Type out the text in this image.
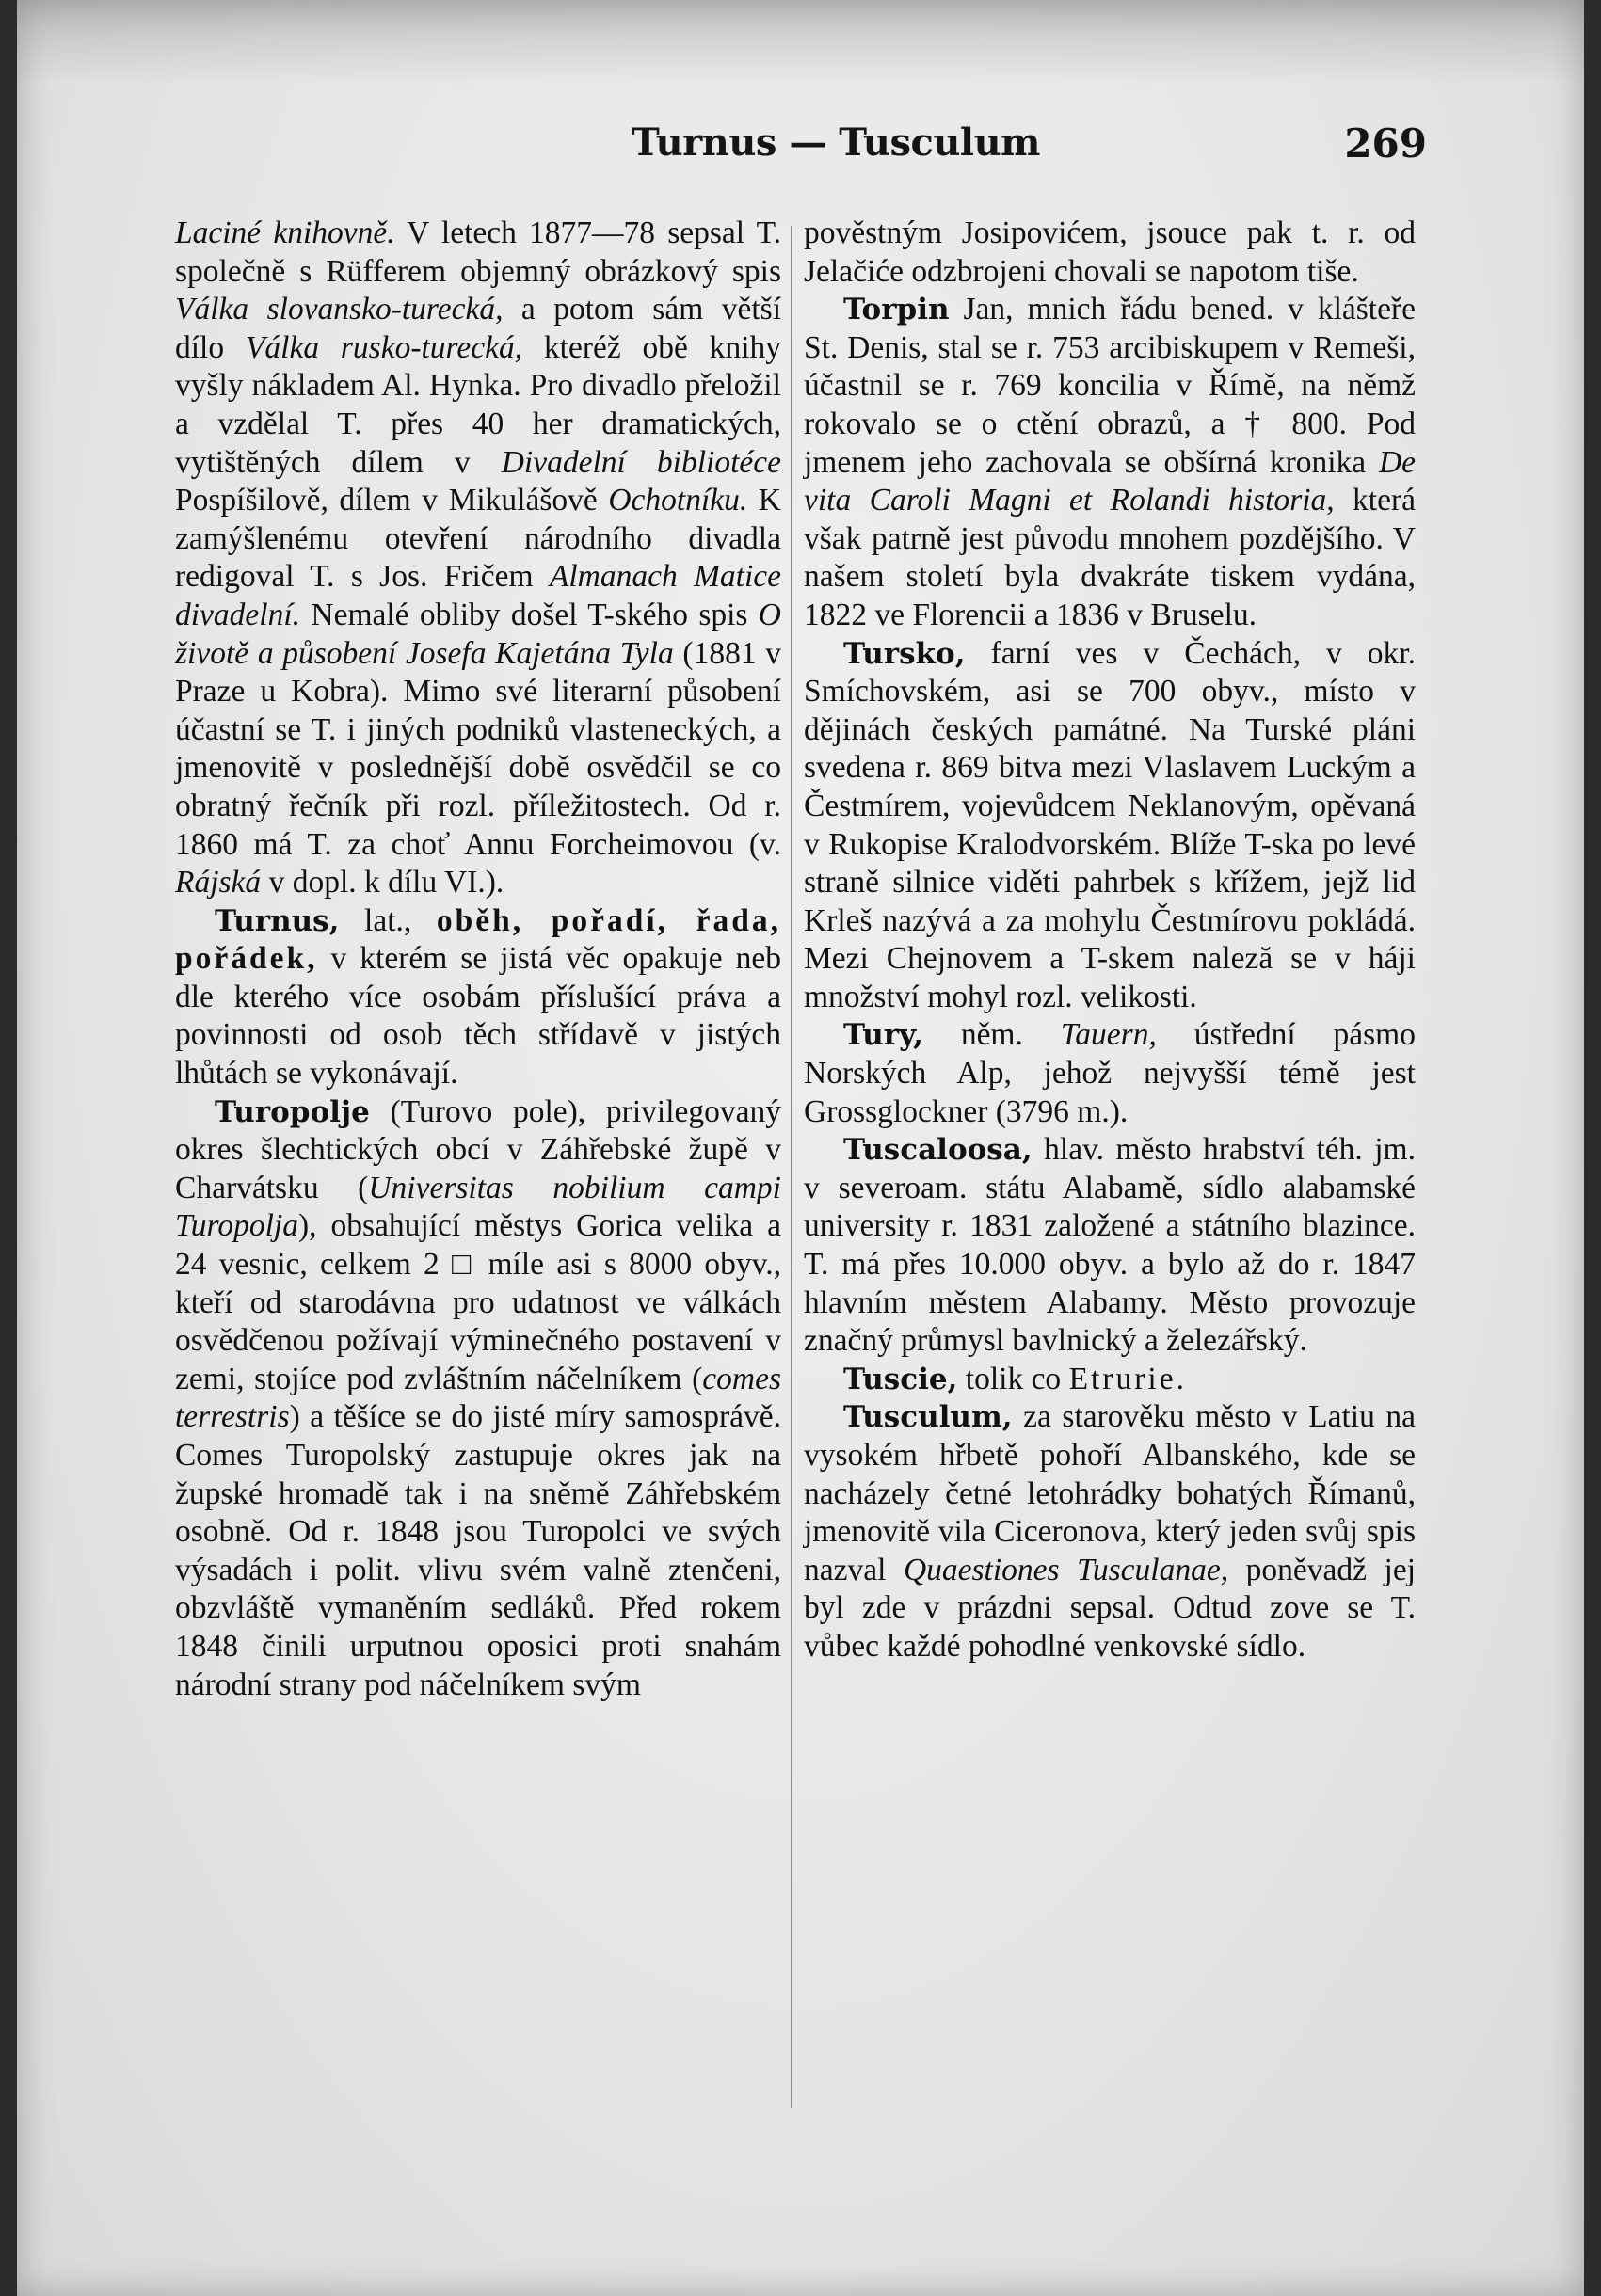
Turnus — Tusculum	269

Laciné knihovně. V letech 1877—78 sepsal T. společně s Rüfferem objemný obrázkový spis Válka slovansko-turecká, a potom sám větší dílo Válka rusko-turecká, kteréž obě knihy vyšly nákladem Al. Hynka. Pro divadlo přeložil a vzdělal T. přes 40 her dramatických, vytištěných dílem v Divadelní bibliotéce Pospíšilově, dílem v Mikulášově Ochotníku. K zamýšlenému otevření národního divadla redigoval T. s Jos. Fričem Almanach Matice divadelní. Nemalé obliby došel T-ského spis O životě a působení Josefa Kajetána Tyla (1881 v Praze u Kobra). Mimo své literarní působení účastní se T. i jiných podniků vlasteneckých, a jmenovitě v poslednější době osvědčil se co obratný řečník při rozl. příležitostech. Od r. 1860 má T. za choť Annu Forcheimovou (v. Rájská v dopl. k dílu VI.).

Turnus, lat., oběh, pořadí, řada, pořádek, v kterém se jistá věc opakuje neb dle kterého více osobám příslušící práva a povinnosti od osob těch střídavě v jistých lhůtách se vykonávají.

Turopolje (Turovo pole), privilegovaný okres šlechtických obcí v Záhřebské župě v Charvátsku (Universitas nobilium campi Turopolja), obsahující městys Gorica velika a 24 vesnic, celkem 2 □ míle asi s 8000 obyv., kteří od starodávna pro udatnost ve válkách osvědčenou požívají výminečného postavení v zemi, stojíce pod zvláštním náčelníkem (comes terrestris) a těšíce se do jisté míry samosprávě. Comes Turopolský zastupuje okres jak na župské hromadě tak i na sněmě Záhřebském osobně. Od r. 1848 jsou Turopolci ve svých výsadách i polit. vlivu svém valně ztenčeni, obzvláště vymaněním sedláků. Před rokem 1848 činili urputnou oposici proti snahám národní strany pod náčelníkem svým

pověstným Josipovićem, jsouce pak t. r. od Jelačiće odzbrojeni chovali se napotom tiše.

Torpin Jan, mnich řádu bened. v klášteře St. Denis, stal se r. 753 arcibiskupem v Remeši, účastnil se r. 769 koncilia v Římě, na němž rokovalo se o ctění obrazů, a † 800. Pod jmenem jeho zachovala se obšírná kronika De vita Caroli Magni et Rolandi historia, která však patrně jest původu mnohem pozdějšího. V našem století byla dvakráte tiskem vydána, 1822 ve Florencii a 1836 v Bruselu.

Tursko, farní ves v Čechách, v okr. Smíchovském, asi se 700 obyv., místo v dějinách českých památné. Na Turské pláni svedena r. 869 bitva mezi Vlaslavem Luckým a Čestmírem, vojevůdcem Neklanovým, opěvaná v Rukopise Kralodvorském. Blíže T-ska po levé straně silnice viděti pahrbek s křížem, jejž lid Krleš nazývá a za mohylu Čestmírovu pokládá. Mezi Chejnovem a T-skem naleză se v háji množství mohyl rozl. velikosti.

Tury, něm. Tauern, ústřední pásmo Norských Alp, jehož nejvyšší témě jest Grossglockner (3796 m.).

Tuscaloosa, hlav. město hrabství téh. jm. v severoam. státu Alabamě, sídlo alabamské university r. 1831 založené a státního blazince. T. má přes 10.000 obyv. a bylo až do r. 1847 hlavním městem Alabamy. Město provozuje značný průmysl bavlnický a železářský.

Tuscie, tolik co Etrurie.

Tusculum, za starověku město v Latiu na vysokém hřbetě pohoří Albanského, kde se nacházely četné letohrádky bohatých Římanů, jmenovitě vila Ciceronova, který jeden svůj spis nazval Quaestiones Tusculanae, poněvadž jej byl zde v prázdni sepsal. Odtud zove se T. vůbec každé pohodlné venkovské sídlo.
